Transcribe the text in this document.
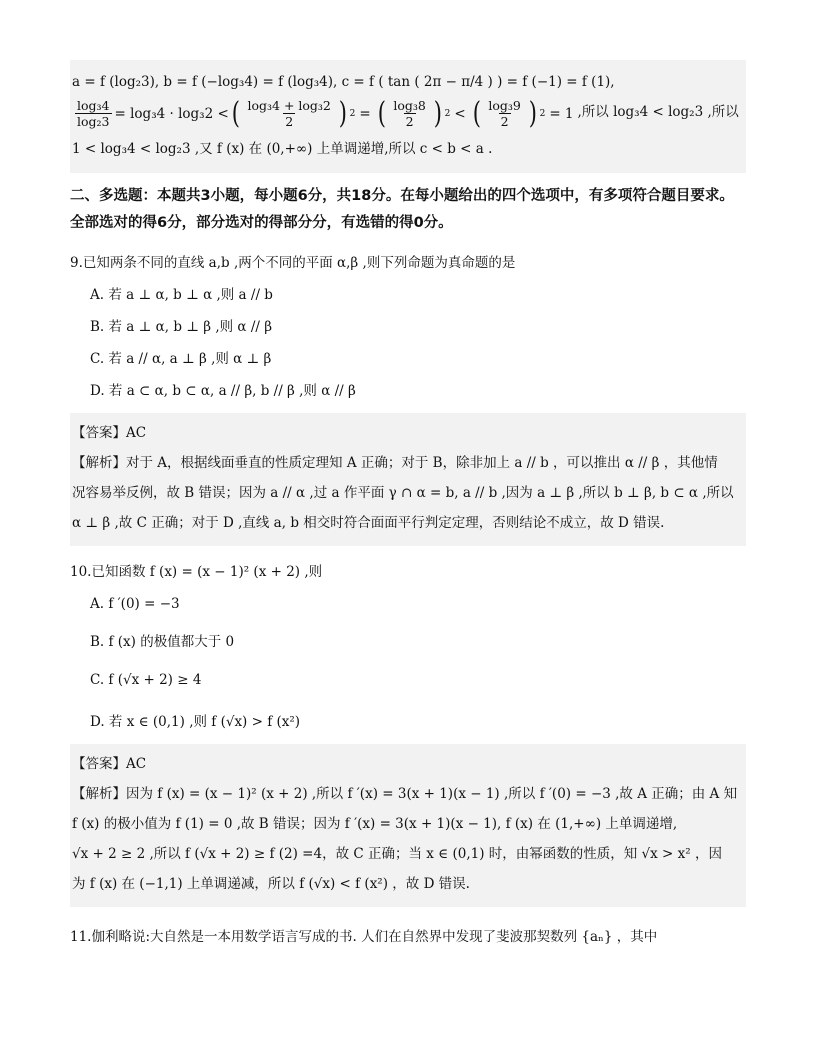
a = f (log₂3), b = f (−log₃4) = f (log₃4), c = f ( tan ( 2π − π/4 ) ) = f (−1) = f (1),
$\frac{\text{log₃4}}{\text{log₂3}} = \log_34 \cdot \log_32$ < ( $\frac{\text{log₃4 + log₃2}}{2}$ ) 2 = ( $\frac{\text{log₃8}}{2}$ ) 2 < ( $\frac{\text{log₃9}}{2}$ ) 2 = 1 ,所以 log₃4 < log₂3 ,所以
1 < log₃4 < log₂3 ,又 f (x) 在 (0,+∞) 上单调递增,所以 c < b < a .
二、多选题：本题共3小题，每小题6分，共18分。在每小题给出的四个选项中，有多项符合题目要求。全部选对的得6分，部分选对的得部分分，有选错的得0分。
9.已知两条不同的直线 a,b ,两个不同的平面 α,β ,则下列命题为真命题的是
A. 若 a ⊥ α, b ⊥ α ,则 a // b
B. 若 a ⊥ α, b ⊥ β ,则 α // β
C. 若 a // α, a ⊥ β ,则 α ⊥ β
D. 若 a ⊂ α, b ⊂ α, a // β, b // β ,则 α // β
【答案】AC
【解析】对于 A，根据线面垂直的性质定理知 A 正确；对于 B，除非加上 a // b ，可以推出 α // β ，其他情
况容易举反例，故 B 错误；因为 a // α ,过 a 作平面 γ ∩ α = b, a // b ,因为 a ⊥ β ,所以 b ⊥ β, b ⊂ α ,所以
α ⊥ β ,故 C 正确；对于 D ,直线 a, b 相交时符合面面平行判定定理，否则结论不成立，故 D 错误.
10.已知函数 f (x) = (x − 1)² (x + 2) ,则
A. f ′(0) = −3
B. f (x) 的极值都大于 0
C. f (√x + 2) ≥ 4
D. 若 x ∈ (0,1) ,则 f (√x) > f (x²)
【答案】AC
【解析】因为 f (x) = (x − 1)² (x + 2) ,所以 f ′(x) = 3(x + 1)(x − 1) ,所以 f ′(0) = −3 ,故 A 正确；由 A 知
f (x) 的极小值为 f (1) = 0 ,故 B 错误；因为 f ′(x) = 3(x + 1)(x − 1), f (x) 在 (1,+∞) 上单调递增,
√x + 2 ≥ 2 ,所以 f (√x + 2) ≥ f (2) =4，故 C 正确；当 x ∈ (0,1) 时，由幂函数的性质，知 √x > x² ，因
为 f (x) 在 (−1,1) 上单调递减，所以 f (√x) < f (x²) ，故 D 错误.
11.伽利略说:大自然是一本用数学语言写成的书. 人们在自然界中发现了斐波那契数列 {aₙ} ，其中
